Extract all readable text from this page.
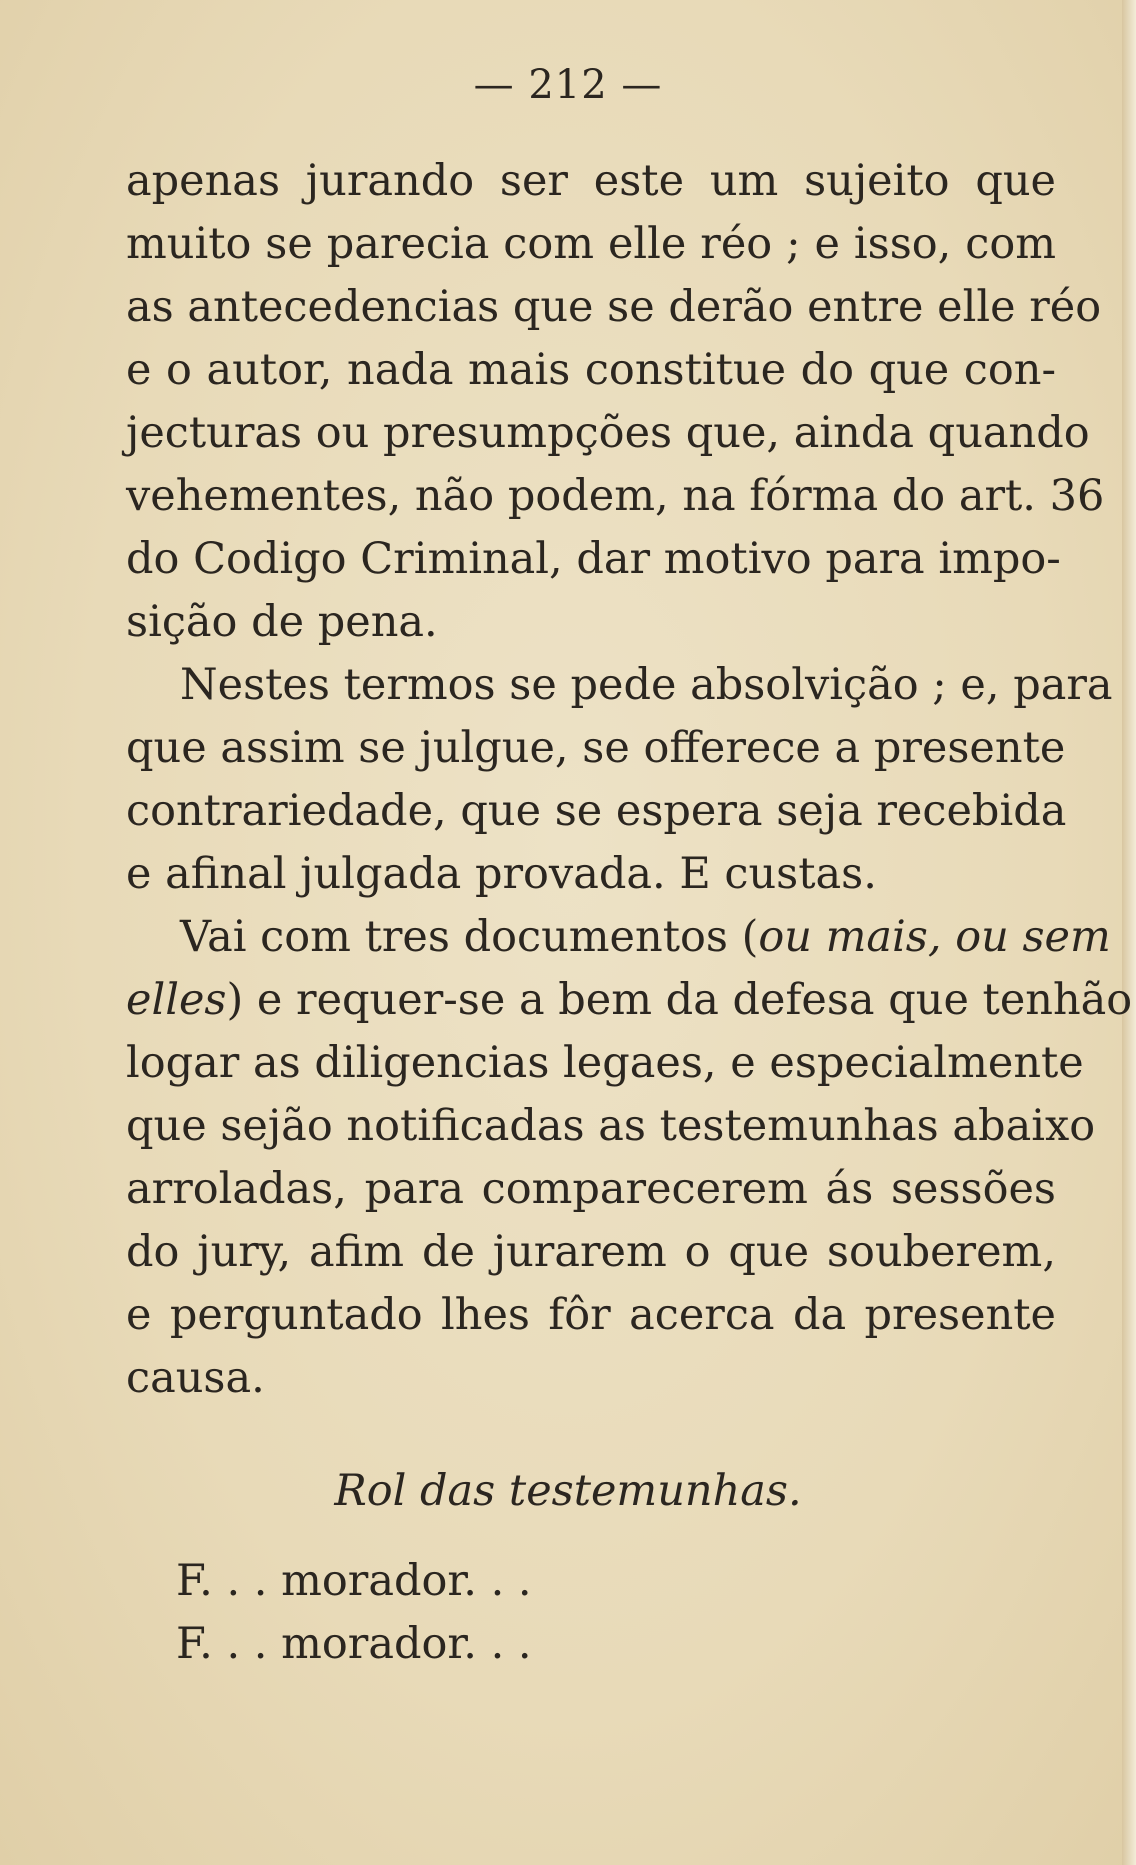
— 212 —
apenas jurando ser este um sujeito que
muito se parecia com elle réo ; e isso, com
as antecedencias que se derão entre elle réo
e o autor, nada mais constitue do que con-
jecturas ou presumpções que, ainda quando
vehementes, não podem, na fórma do art. 36
do Codigo Criminal, dar motivo para impo-
sição de pena.
Nestes termos se pede absolvição ; e, para
que assim se julgue, se offerece a presente
contrariedade, que se espera seja recebida
e afinal julgada provada. E custas.
Vai com tres documentos (ou mais, ou sem
elles) e requer-se a bem da defesa que tenhão
logar as diligencias legaes, e especialmente
que sejão notificadas as testemunhas abaixo
arroladas, para comparecerem ás sessões
do jury, afim de jurarem o que souberem,
e perguntado lhes fôr acerca da presente
causa.
Rol das testemunhas.
F. . . morador. . .
F. . . morador. . .
